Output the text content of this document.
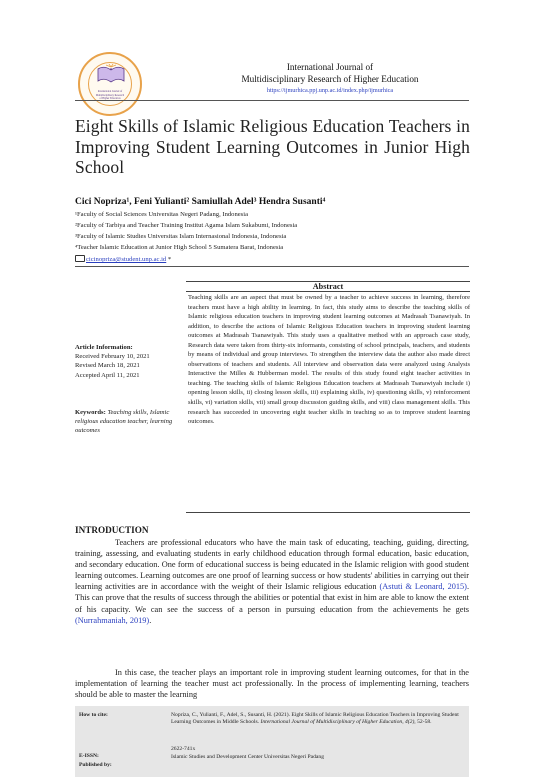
International Journal of
Multidisciplinary Research
of Higher Education
International Journal of
Multidisciplinary Research of Higher Education
https://ijmurhica.ppj.unp.ac.id/index.php/ijmurhica
Eight Skills of Islamic Religious Education Teachers in Improving Student Learning Outcomes in Junior High School
Cici Nopriza¹, Feni Yulianti² Samiullah Adel³ Hendra Susanti⁴
¹Faculty of Social Sciences Universitas Negeri Padang, Indonesia
²Faculty of Tarbiya and Teacher Training Institut Agama Islam Sukabumi, Indonesia
³Faculty of Islamic Studies Universitas Islam Internasional Indonesia, Indonesia
⁴Teacher Islamic Education at Junior High School 5 Sumatera Barat, Indonesia
cicinopriza@student.unp.ac.id *
Abstract
Teaching skills are an aspect that must be owned by a teacher to achieve success in learning, therefore teachers must have a high ability in learning. In fact, this study aims to describe the teaching skills of Islamic religious education teachers in improving student learning outcomes at Madrasah Tsanawiyah. In addition, to describe the actions of Islamic Religious Education teachers in improving student learning outcomes at Madrasah Tsanawiyah. This study uses a qualitative method with an approach case study, Research data were taken from thirty-six informants, consisting of school principals, teachers, and students by means of individual and group interviews. To strengthen the interview data the author also made direct observations of teachers and students. All interview and observation data were analyzed using Analysis Interactive the Milles & Hubberman model. The results of this study found eight teacher activities in teaching. The teaching skills of Islamic Religious Education teachers at Madrasah Tsanawiyah include i) opening lesson skills, ii) closing lesson skills, iii) explaining skills, iv) questioning skills, v) reinforcement skills, vi) variation skills, vii) small group discussion guiding skills, and viii) class management skills. This research has succeeded in uncovering eight teacher skills in teaching so as to improve student learning outcomes.
Article Information:
Received February 10, 2021
Revised March 18, 2021
Accepted April 11, 2021
Keywords: Teaching skills, Islamic religious education teacher, learning outcomes
INTRODUCTION
Teachers are professional educators who have the main task of educating, teaching, guiding, directing, training, assessing, and evaluating students in early childhood education through formal education, basic education, and secondary education. One form of educational success is being educated in the Islamic religion with good student learning outcomes. Learning outcomes are one proof of learning success or how students' abilities in carrying out their learning activities are in accordance with the weight of their Islamic religious education (Astuti & Leonard, 2015). This can prove that the results of success through the abilities or potential that exist in him are able to know the extent of his capacity. We can see the success of a person in pursuing education from the achievements he gets (Nurrahmaniah, 2019).
In this case, the teacher plays an important role in improving student learning outcomes, for that in the implementation of learning the teacher must act professionally. In the process of implementing learning, teachers should be able to master the learning
How to cite:	Nopriza, C., Yulianti, F., Adel, S., Susanti, H. (2021). Eight Skills of Islamic Religious Education Teachers in Improving Student Learning Outcomes in Middle Schools. International Journal of Multidisciplinary of Higher Education, 4(2), 52-58.
E-ISSN:
2622-741x
Published by:
Islamic Studies and Development Center Universitas Negeri Padang
